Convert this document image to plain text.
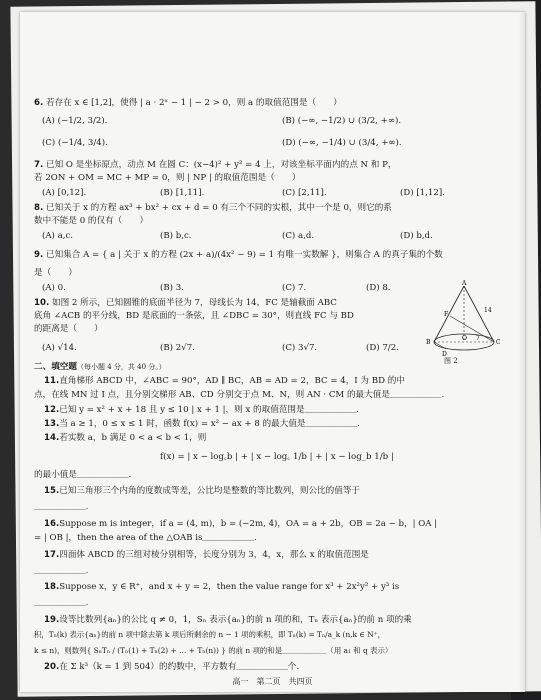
6. 若存在 x ∈ [1,2]，使得 | a · 2ˣ − 1 | − 2 > 0，则 a 的取值范围是（　　）
(A) (−1/2, 3/2).	(B) (−∞, −1/2) ∪ (3/2, +∞).
(C) (−1/4, 3/4).	(D) (−∞, −1/4) ∪ (3/4, +∞).
7. 已知 O 是坐标原点，动点 M 在圆 C：(x−4)² + y² = 4 上，对该坐标平面内的点 N 和 P，
若 2ON + OM = MC + MP = 0，则 | NP | 的取值范围是（　　）
(A) [0,12].	(B) [1,11].	(C) [2,11].	(D) [1,12].
8. 已知关于 x 的方程 ax³ + bx² + cx + d = 0 有三个不同的实根，其中一个是 0，则它的系
数中不能是 0 的仅有（　　）
(A) a,c.	(B) b,c.	(C) a,d.	(D) b,d.
9. 已知集合 A = { a | 关于 x 的方程 (2x + a)/(4x² − 9) = 1 有唯一实数解 }，则集合 A 的真子集的个数
是（　　）
(A) 0.	(B) 3.	(C) 7.	(D) 8.
10. 如图 2 所示，已知圆锥的底面半径为 7，母线长为 14，FC 是轴截面 ABC
底角 ∠ACB 的平分线，BD 是底面的一条弦，且 ∠DBC = 30°，则直线 FC 与 BD
的距离是（　　）
(A) √14.	(B) 2√7.	(C) 3√7.	(D) 7/2.
A
F
14
B	C
D
O 7
图 2
二、填空题（每小题 4 分，共 40 分。）
11.直角梯形 ABCD 中，∠ABC = 90°，AD ∥ BC，AB = AD = 2，BC = 4，I 为 BD 的中
点，在线 MN 过 I 点，且分别交梯形 AB、CD 分别交于点 M、N，则 AN · CM 的最大值是＿＿＿＿＿＿.
12.已知 y = x² + x + 18 且 y ≤ 10 | x + 1 |，则 x 的取值范围是＿＿＿＿＿＿.
13.当 a ≥ 1，0 ≤ x ≤ 1 时，函数 f(x) = x² − ax + 8 的最大值是＿＿＿＿＿＿.
14.若实数 a，b 满足 0 < a < b < 1，则
f(x) = | x − log꜀b | + | x − log꜀ 1/b | + | x − log_b 1/b |
的最小值是＿＿＿＿＿＿.
15.已知三角形三个内角的度数成等差，公比均是整数的等比数列，则公比的值等于
＿＿＿＿＿＿.
16.Suppose m is integer，if a = (4, m)，b = (−2m, 4)，OA = a + 2b，OB = 2a − b，| OA |
= | OB |，then the area of the △OAB is＿＿＿＿＿＿.
17.四面体 ABCD 的三组对棱分别相等，长度分别为 3，4，x，那么 x 的取值范围是
＿＿＿＿＿＿.
18.Suppose x，y ∈ R⁺，and x + y = 2，then the value range for x³ + 2x²y² + y³ is
＿＿＿＿＿＿.
19.设等比数列{aₙ}的公比 q ≠ 0，1，Sₙ 表示{aₙ}的前 n 项的和，Tₙ 表示{aₙ}的前 n 项的乘
积，Tₙ(k) 表示{aₙ}的前 n 项中除去第 k 项后所剩余的 n − 1 项的乘积，即 Tₙ(k) = Tₙ/a_k (n,k ∈ N⁺，
k ≤ n)，则数列{ SₙTₙ / (Tₙ(1) + Tₙ(2) + … + Tₙ(n)) } 的前 n 项的和是＿＿＿＿＿＿（用 a₁ 和 q 表示）
20.在 Σ k³（k = 1 到 504）的约数中，平方数有＿＿＿＿＿＿个.
高一　第二页　共四页
